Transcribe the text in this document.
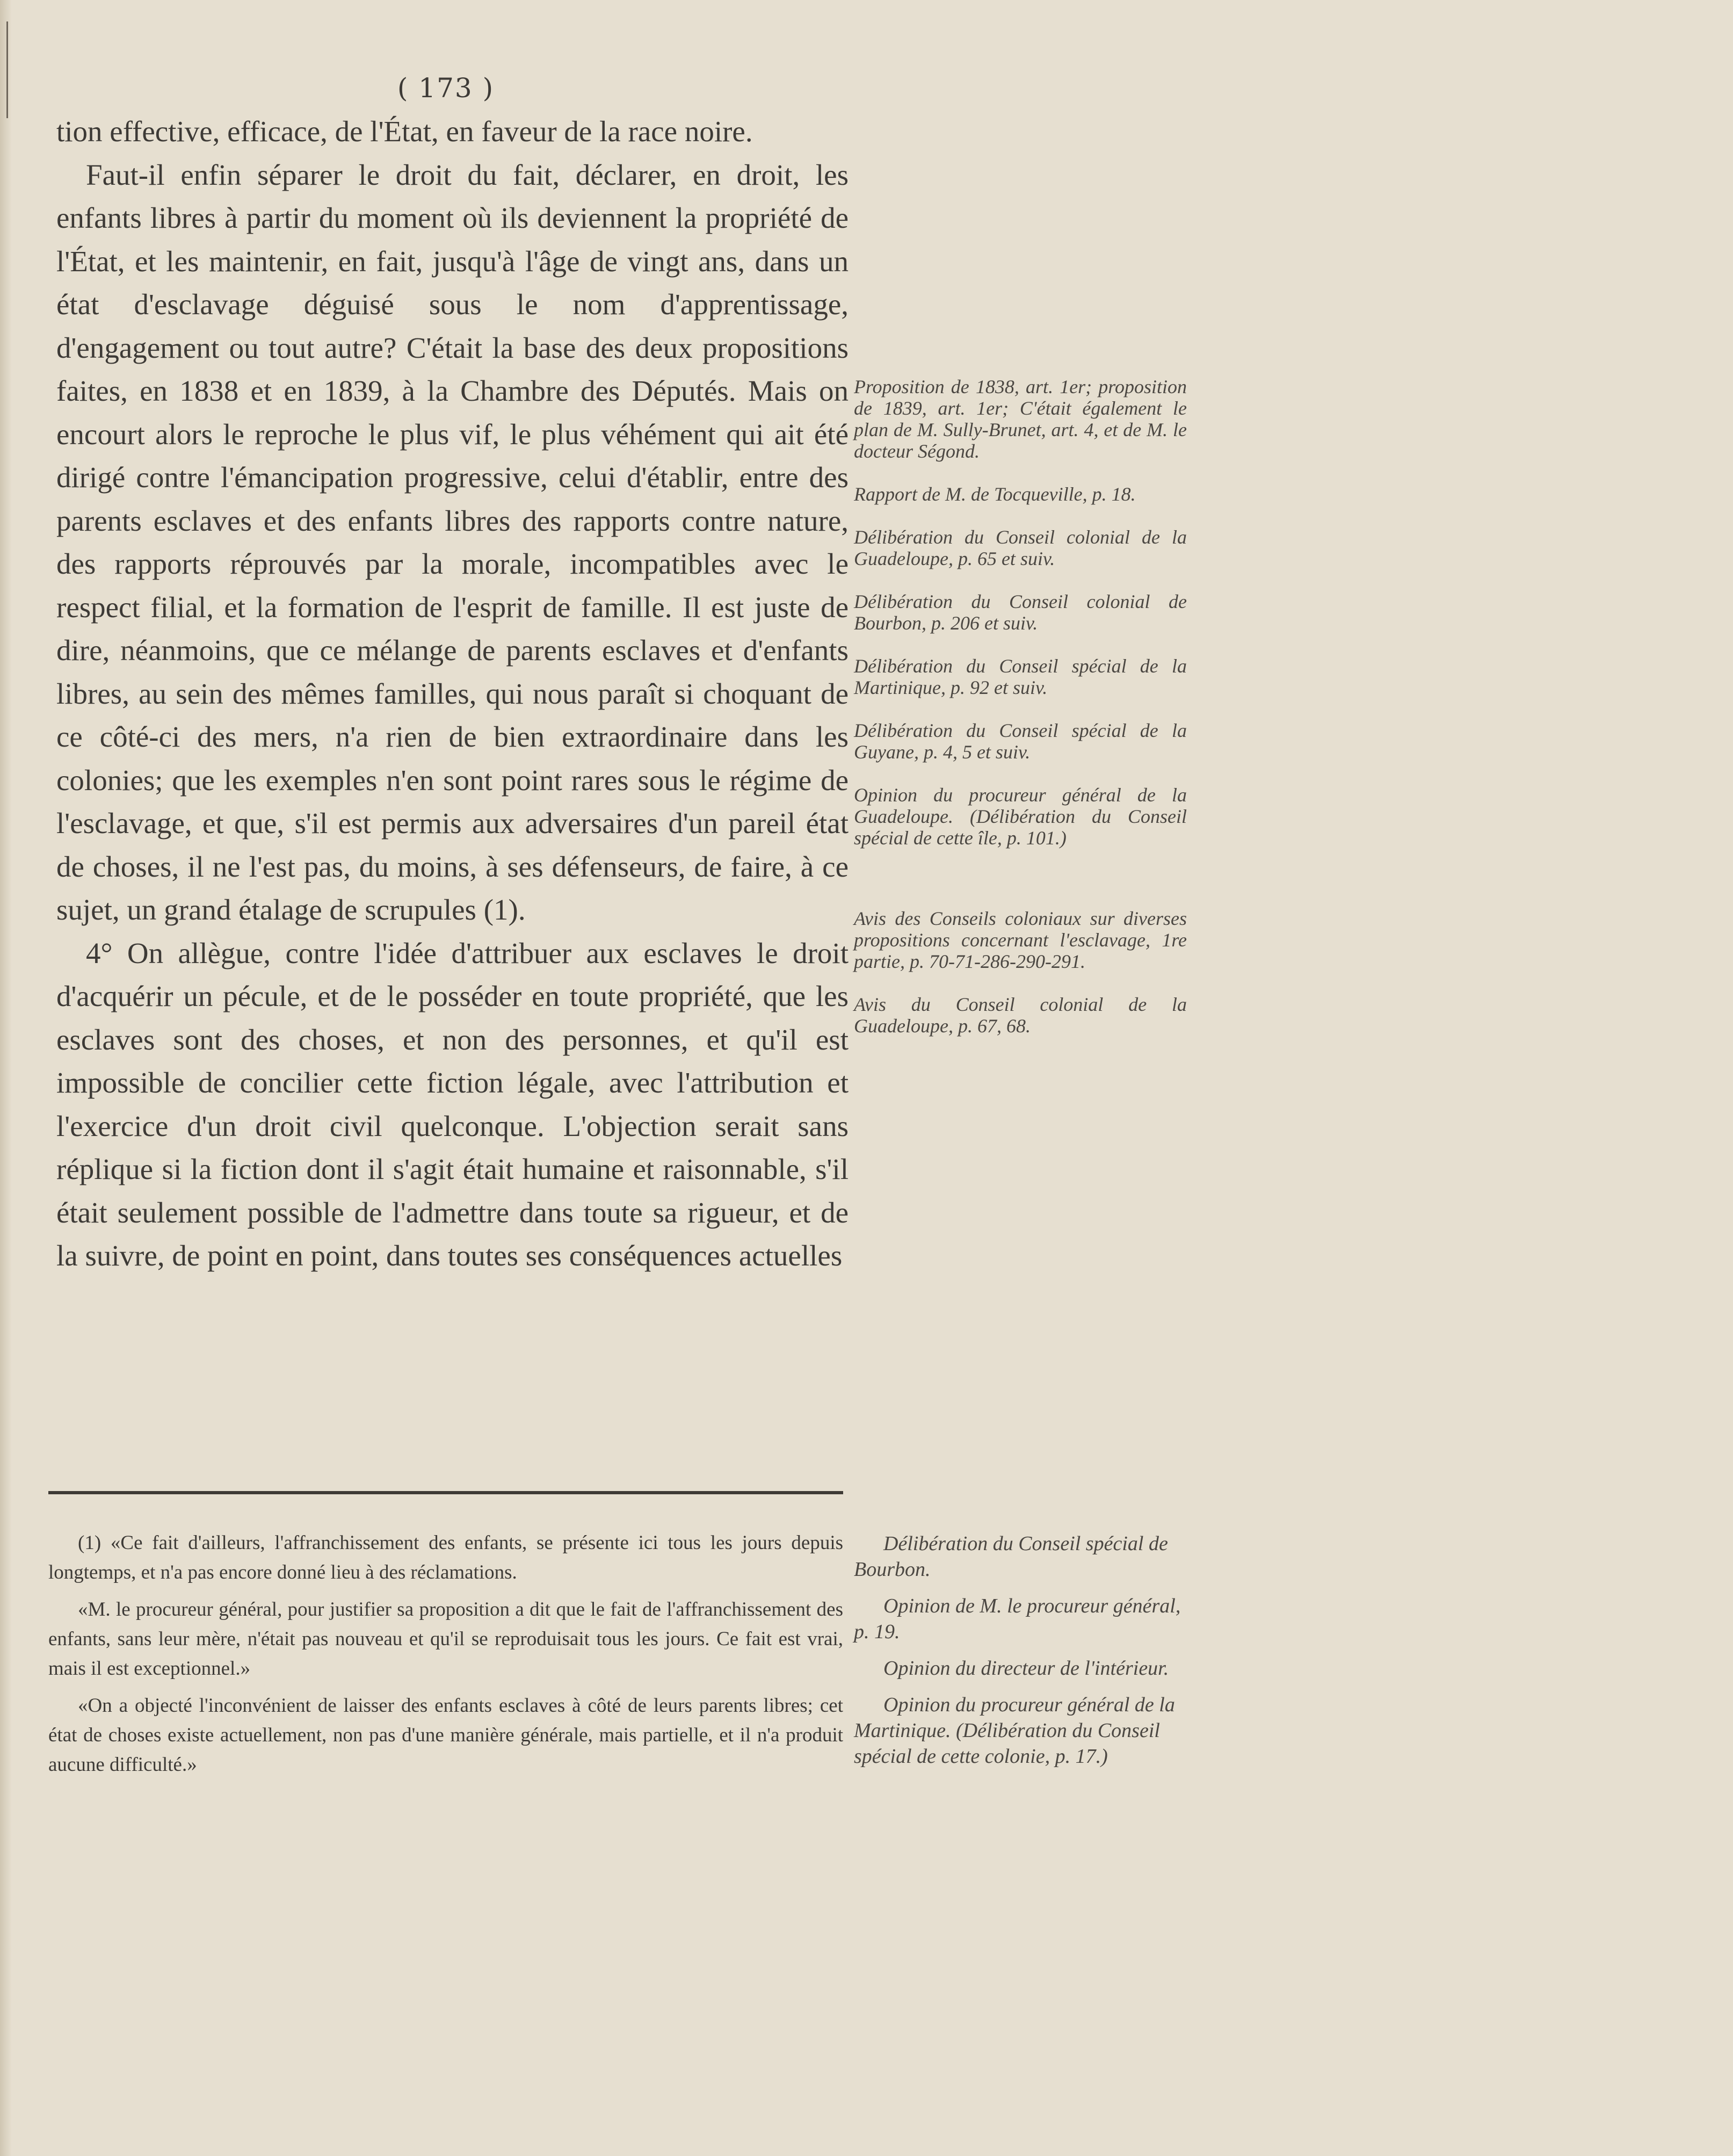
( 173 )

tion effective, efficace, de l'État, en faveur de la race noire.

Faut-il enfin séparer le droit du fait, déclarer, en droit, les enfants libres à partir du moment où ils deviennent la propriété de l'État, et les maintenir, en fait, jusqu'à l'âge de vingt ans, dans un état d'esclavage déguisé sous le nom d'apprentissage, d'engagement ou tout autre? C'était la base des deux propositions faites, en 1838 et en 1839, à la Chambre des Députés. Mais on encourt alors le reproche le plus vif, le plus véhément qui ait été dirigé contre l'émancipation progressive, celui d'établir, entre des parents esclaves et des enfants libres des rapports contre nature, des rapports réprouvés par la morale, incompatibles avec le respect filial, et la formation de l'esprit de famille. Il est juste de dire, néanmoins, que ce mélange de parents esclaves et d'enfants libres, au sein des mêmes familles, qui nous paraît si choquant de ce côté-ci des mers, n'a rien de bien extraordinaire dans les colonies; que les exemples n'en sont point rares sous le régime de l'esclavage, et que, s'il est permis aux adversaires d'un pareil état de choses, il ne l'est pas, du moins, à ses défenseurs, de faire, à ce sujet, un grand étalage de scrupules (1).

4° On allègue, contre l'idée d'attribuer aux esclaves le droit d'acquérir un pécule, et de le posséder en toute propriété, que les esclaves sont des choses, et non des personnes, et qu'il est impossible de concilier cette fiction légale, avec l'attribution et l'exercice d'un droit civil quelconque. L'objection serait sans réplique si la fiction dont il s'agit était humaine et raisonnable, s'il était seulement possible de l'admettre dans toute sa rigueur, et de la suivre, de point en point, dans toutes ses conséquences actuelles

Proposition de 1838, art. 1er; proposition de 1839, art. 1er; C'était également le plan de M. Sully-Brunet, art. 4, et de M. le docteur Ségond.

Rapport de M. de Tocqueville, p. 18.

Délibération du Conseil colonial de la Guadeloupe, p. 65 et suiv.

Délibération du Conseil colonial de Bourbon, p. 206 et suiv.

Délibération du Conseil spécial de la Martinique, p. 92 et suiv.

Délibération du Conseil spécial de la Guyane, p. 4, 5 et suiv.

Opinion du procureur général de la Guadeloupe. (Délibération du Conseil spécial de cette île, p. 101.)

Avis des Conseils coloniaux sur diverses propositions concernant l'esclavage, 1re partie, p. 70-71-286-290-291.

Avis du Conseil colonial de la Guadeloupe, p. 67, 68.

(1) «Ce fait d'ailleurs, l'affranchissement des enfants, se présente ici tous les jours depuis longtemps, et n'a pas encore donné lieu à des réclamations.

«M. le procureur général, pour justifier sa proposition a dit que le fait de l'affranchissement des enfants, sans leur mère, n'était pas nouveau et qu'il se reproduisait tous les jours. Ce fait est vrai, mais il est exceptionnel.»

«On a objecté l'inconvénient de laisser des enfants esclaves à côté de leurs parents libres; cet état de choses existe actuellement, non pas d'une manière générale, mais partielle, et il n'a produit aucune difficulté.»

Délibération du Conseil spécial de Bourbon.

Opinion de M. le procureur général, p. 19.

Opinion du directeur de l'intérieur.

Opinion du procureur général de la Martinique. (Délibération du Conseil spécial de cette colonie, p. 17.)
